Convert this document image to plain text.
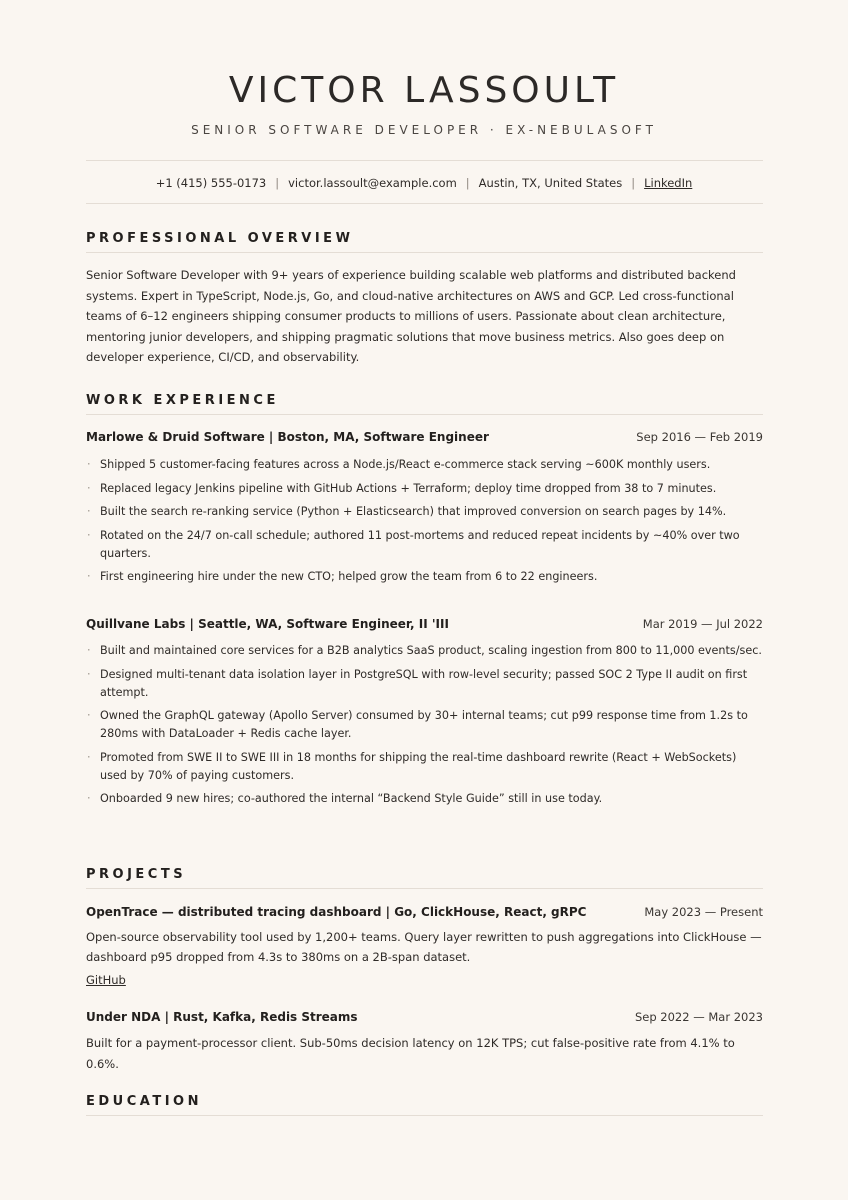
VICTOR LASSOULT
SENIOR SOFTWARE DEVELOPER · EX-NEBULASOFT
+1 (415) 555-0173 | victor.lassoult@example.com | Austin, TX, United States | LinkedIn
PROFESSIONAL OVERVIEW
Senior Software Developer with 9+ years of experience building scalable web platforms and distributed backend systems. Expert in TypeScript, Node.js, Go, and cloud-native architectures on AWS and GCP. Led cross-functional teams of 6–12 engineers shipping consumer products to millions of users. Passionate about clean architecture, mentoring junior developers, and shipping pragmatic solutions that move business metrics. Also goes deep on developer experience, CI/CD, and observability.
WORK EXPERIENCE
Marlowe & Druid Software | Boston, MA, Software Engineer	Sep 2016 — Feb 2019
· Shipped 5 customer-facing features across a Node.js/React e-commerce stack serving ~600K monthly users.
· Replaced legacy Jenkins pipeline with GitHub Actions + Terraform; deploy time dropped from 38 to 7 minutes.
· Built the search re-ranking service (Python + Elasticsearch) that improved conversion on search pages by 14%.
· Rotated on the 24/7 on-call schedule; authored 11 post-mortems and reduced repeat incidents by ~40% over two quarters.
· First engineering hire under the new CTO; helped grow the team from 6 to 22 engineers.
Quillvane Labs | Seattle, WA, Software Engineer, II 'III	Mar 2019 — Jul 2022
· Built and maintained core services for a B2B analytics SaaS product, scaling ingestion from 800 to 11,000 events/sec.
· Designed multi-tenant data isolation layer in PostgreSQL with row-level security; passed SOC 2 Type II audit on first attempt.
· Owned the GraphQL gateway (Apollo Server) consumed by 30+ internal teams; cut p99 response time from 1.2s to 280ms with DataLoader + Redis cache layer.
· Promoted from SWE II to SWE III in 18 months for shipping the real-time dashboard rewrite (React + WebSockets) used by 70% of paying customers.
· Onboarded 9 new hires; co-authored the internal “Backend Style Guide” still in use today.
PROJECTS
OpenTrace — distributed tracing dashboard | Go, ClickHouse, React, gRPC	May 2023 — Present
Open-source observability tool used by 1,200+ teams. Query layer rewritten to push aggregations into ClickHouse — dashboard p95 dropped from 4.3s to 380ms on a 2B-span dataset.
GitHub
Under NDA | Rust, Kafka, Redis Streams	Sep 2022 — Mar 2023
Built for a payment-processor client. Sub-50ms decision latency on 12K TPS; cut false-positive rate from 4.1% to 0.6%.
EDUCATION
